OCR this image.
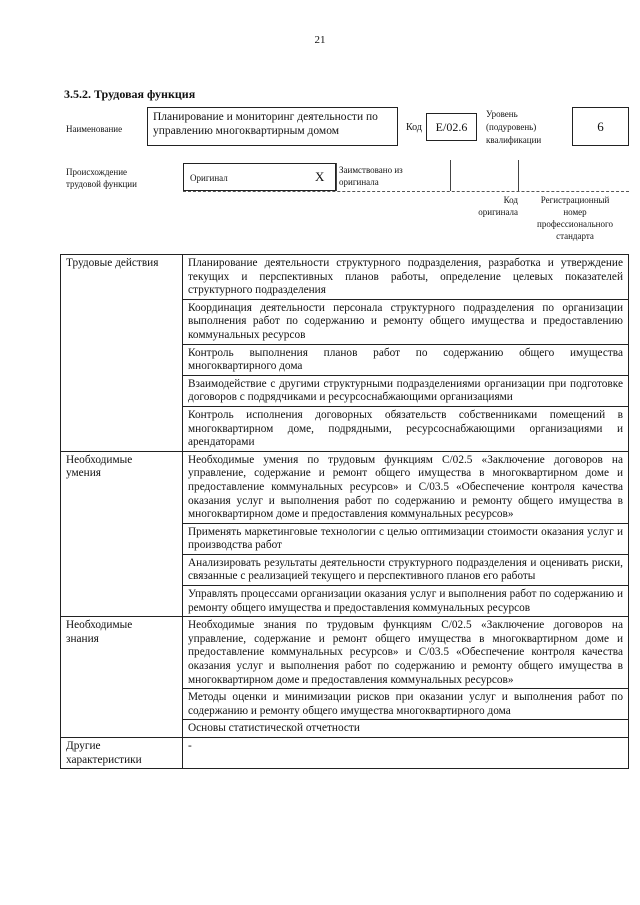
21
3.5.2. Трудовая функция
Наименование
Планирование и мониторинг деятельности по управлению многоквартирным домом	Код	E/02.6
Уровень
(подуровень)
квалификации
6
Происхождение
трудовой функции
Оригинал	X Заимствовано из
оригинала
Код
оригинала
Регистрационный
номер
профессионального
стандарта
Трудовые действия	Планирование деятельности структурного подразделения, разработка и утверждение текущих и перспективных планов работы, определение целевых показателей структурного подразделения
	Координация деятельности персонала структурного подразделения по организации выполнения работ по содержанию и ремонту общего имущества и предоставлению коммунальных ресурсов
	Контроль выполнения планов работ по содержанию общего имущества многоквартирного дома
	Взаимодействие с другими структурными подразделениями организации при подготовке договоров с подрядчиками и ресурсоснабжающими организациями
	Контроль исполнения договорных обязательств собственниками помещений в многоквартирном доме, подрядными, ресурсоснабжающими организациями и арендаторами

Необходимые
умения	Необходимые умения по трудовым функциям С/02.5 «Заключение договоров на управление, содержание и ремонт общего имущества в многоквартирном доме и предоставление коммунальных ресурсов» и С/03.5 «Обеспечение контроля качества оказания услуг и выполнения работ по содержанию и ремонту общего имущества в многоквартирном доме и предоставления коммунальных ресурсов»
	Применять маркетинговые технологии с целью оптимизации стоимости оказания услуг и производства работ
	Анализировать результаты деятельности структурного подразделения и оценивать риски, связанные с реализацией текущего и перспективного планов его работы
	Управлять процессами организации оказания услуг и выполнения работ по содержанию и ремонту общего имущества и предоставления коммунальных ресурсов

Необходимые
знания	Необходимые знания по трудовым функциям С/02.5 «Заключение договоров на управление, содержание и ремонт общего имущества в многоквартирном доме и предоставление коммунальных ресурсов» и С/03.5 «Обеспечение контроля качества оказания услуг и выполнения работ по содержанию и ремонту общего имущества в многоквартирном доме и предоставления коммунальных ресурсов»
	Методы оценки и минимизации рисков при оказании услуг и выполнения работ по содержанию и ремонту общего имущества многоквартирного дома
	Основы статистической отчетности

Другие
характеристики	-
